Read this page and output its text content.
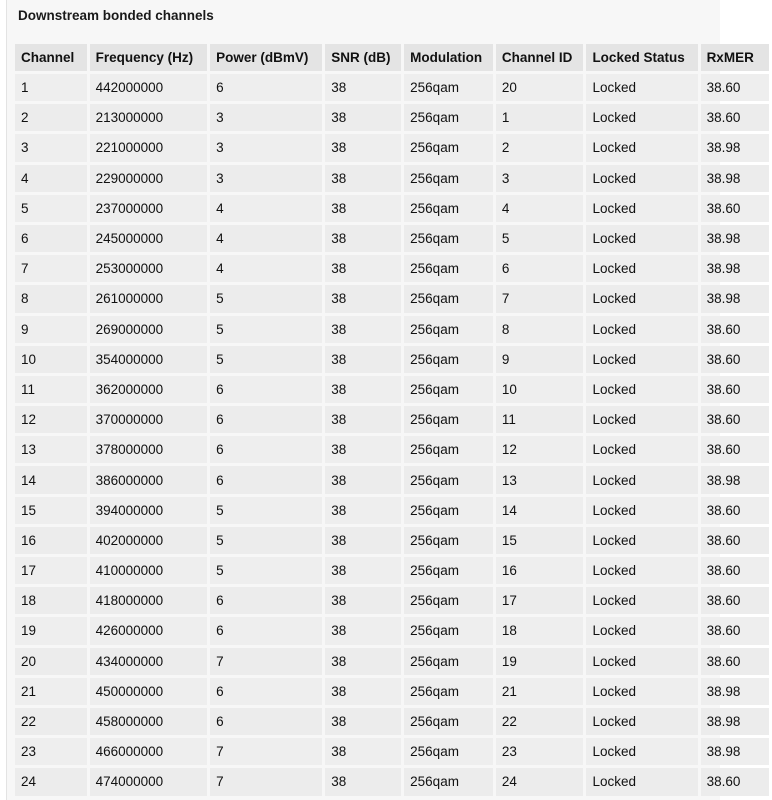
Downstream bonded channels
Channel	Frequency (Hz)	Power (dBmV)	SNR (dB)	Modulation	Channel ID	Locked Status	RxMER
1	442000000	6	38	256qam	20	Locked	38.60
2	213000000	3	38	256qam	1	Locked	38.60
3	221000000	3	38	256qam	2	Locked	38.98
4	229000000	3	38	256qam	3	Locked	38.98
5	237000000	4	38	256qam	4	Locked	38.60
6	245000000	4	38	256qam	5	Locked	38.98
7	253000000	4	38	256qam	6	Locked	38.98
8	261000000	5	38	256qam	7	Locked	38.98
9	269000000	5	38	256qam	8	Locked	38.60
10	354000000	5	38	256qam	9	Locked	38.60
11	362000000	6	38	256qam	10	Locked	38.60
12	370000000	6	38	256qam	11	Locked	38.60
13	378000000	6	38	256qam	12	Locked	38.60
14	386000000	6	38	256qam	13	Locked	38.98
15	394000000	5	38	256qam	14	Locked	38.60
16	402000000	5	38	256qam	15	Locked	38.60
17	410000000	5	38	256qam	16	Locked	38.60
18	418000000	6	38	256qam	17	Locked	38.60
19	426000000	6	38	256qam	18	Locked	38.60
20	434000000	7	38	256qam	19	Locked	38.60
21	450000000	6	38	256qam	21	Locked	38.98
22	458000000	6	38	256qam	22	Locked	38.98
23	466000000	7	38	256qam	23	Locked	38.98
24	474000000	7	38	256qam	24	Locked	38.60
